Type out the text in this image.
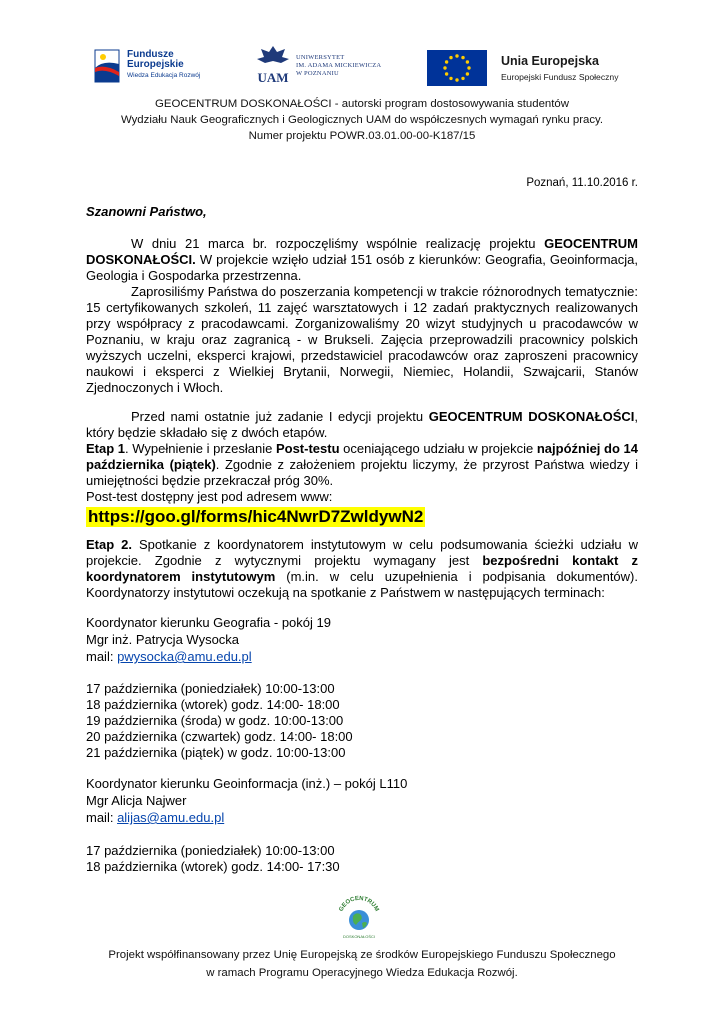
Fundusze
Europejskie
Wiedza Edukacja Rozwój	UAM
UNIWERSYTET
IM. ADAMA MICKIEWICZA
W POZNANIU
Unia Europejska
Europejski Fundusz Społeczny
GEOCENTRUM DOSKONAŁOŚCI - autorski program dostosowywania studentów
Wydziału Nauk Geograficznych i Geologicznych UAM do współczesnych wymagań rynku pracy.
Numer projektu POWR.03.01.00-00-K187/15
Poznań, 11.10.2016 r.
Szanowni Państwo,

W dniu 21 marca br. rozpoczęliśmy wspólnie realizację projektu GEOCENTRUM DOSKONAŁOŚCI. W projekcie wzięło udział 151 osób z kierunków: Geografia, Geoinformacja, Geologia i Gospodarka przestrzenna.

Zaprosiliśmy Państwa do poszerzania kompetencji w trakcie różnorodnych tematycznie: 15 certyfikowanych szkoleń, 11 zajęć warsztatowych i 12 zadań praktycznych realizowanych przy współpracy z pracodawcami. Zorganizowaliśmy 20 wizyt studyjnych u pracodawców w Poznaniu, w kraju oraz zagranicą - w Brukseli. Zajęcia przeprowadzili pracownicy polskich wyższych uczelni, eksperci krajowi, przedstawiciel pracodawców oraz zaproszeni pracownicy naukowi i eksperci z Wielkiej Brytanii, Norwegii, Niemiec, Holandii, Szwajcarii, Stanów Zjednoczonych i Włoch.

Przed nami ostatnie już zadanie I edycji projektu GEOCENTRUM DOSKONAŁOŚCI, który będzie składało się z dwóch etapów.

Etap 1. Wypełnienie i przesłanie Post-testu oceniającego udziału w projekcie najpóźniej do 14 października (piątek). Zgodnie z założeniem projektu liczymy, że przyrost Państwa wiedzy i umiejętności będzie przekraczał próg 30%.

Post-test dostępny jest pod adresem www:

https://goo.gl/forms/hic4NwrD7ZwldywN2

Etap 2. Spotkanie z koordynatorem instytutowym w celu podsumowania ścieżki udziału w projekcie. Zgodnie z wytycznymi projektu wymagany jest bezpośredni kontakt z koordynatorem instytutowym (m.in. w celu uzupełnienia i podpisania dokumentów). Koordynatorzy instytutowi oczekują na spotkanie z Państwem w następujących terminach:

Koordynator kierunku Geografia - pokój 19
Mgr inż. Patrycja Wysocka
mail: pwysocka@amu.edu.pl
17 października (poniedziałek) 10:00-13:00
18 października (wtorek) godz. 14:00- 18:00
19 października (środa) w godz. 10:00-13:00
20 października (czwartek) godz. 14:00- 18:00
21 października (piątek) w godz. 10:00-13:00
Koordynator kierunku Geoinformacja (inż.) – pokój L110
Mgr Alicja Najwer
mail: alijas@amu.edu.pl
17 października (poniedziałek) 10:00-13:00
18 października (wtorek) godz. 14:00- 17:30
GEOCENTRUM
DOSKONAŁOŚCI
Projekt współfinansowany przez Unię Europejską ze środków Europejskiego Funduszu Społecznego
w ramach Programu Operacyjnego Wiedza Edukacja Rozwój.
